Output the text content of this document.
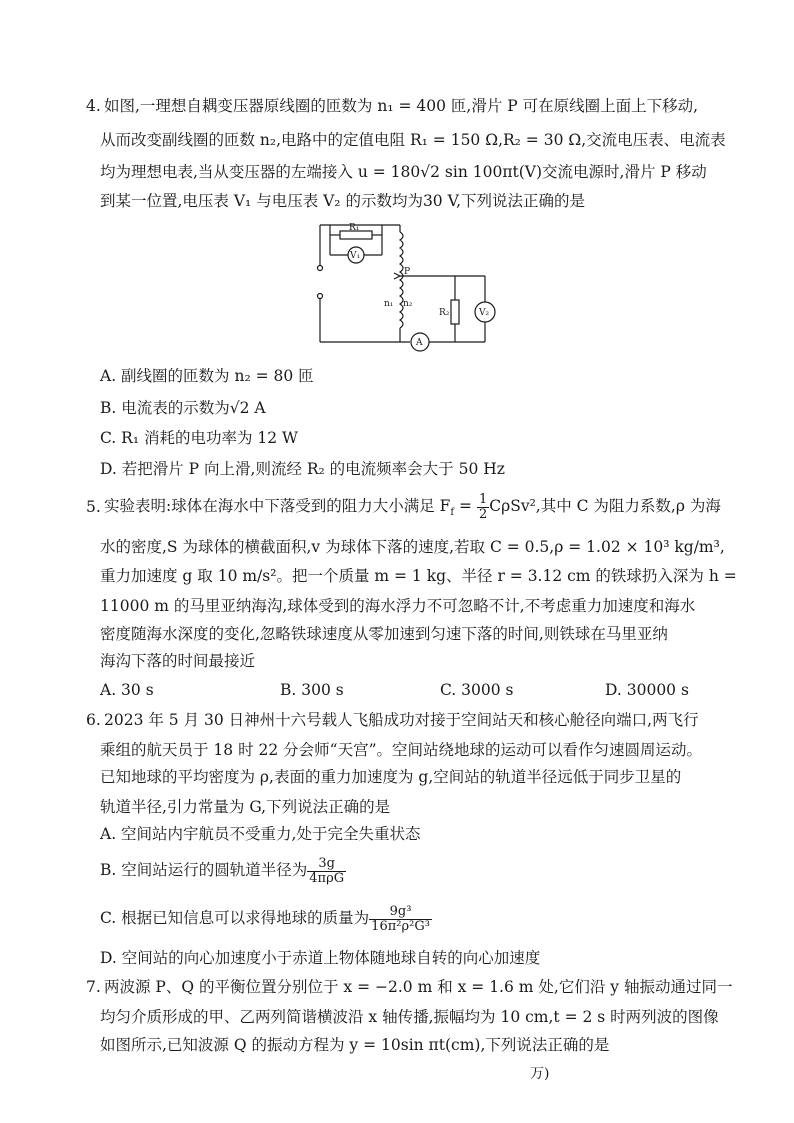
4. 如图,一理想自耦变压器原线圈的匝数为 n₁ = 400 匝,滑片 P 可在原线圈上面上下移动,
从而改变副线圈的匝数 n₂,电路中的定值电阻 R₁ = 150 Ω,R₂ = 30 Ω,交流电压表、电流表
均为理想电表,当从变压器的左端接入 u = 180√2 sin 100πt(V)交流电源时,滑片 P 移动
到某一位置,电压表 V₁ 与电压表 V₂ 的示数均为30 V,下列说法正确的是
R₁
V₁
P
n₁ n₂
R₂	V₂
A
A. 副线圈的匝数为 n₂ = 80 匝
B. 电流表的示数为√2 A
C. R₁ 消耗的电功率为 12 W
D. 若把滑片 P 向上滑,则流经 R₂ 的电流频率会大于 50 Hz
5. 实验表明:球体在海水中下落受到的阻力大小满足 $F_f = \frac{1}{2} C\rho Sv^2$,其中 C 为阻力系数,ρ 为海
水的密度,S 为球体的横截面积,v 为球体下落的速度,若取 C = 0.5,ρ = 1.02 × 10³ kg/m³,
重力加速度 g 取 10 m/s²。把一个质量 m = 1 kg、半径 r = 3.12 cm 的铁球扔入深为 h =
11000 m 的马里亚纳海沟,球体受到的海水浮力不可忽略不计,不考虑重力加速度和海水
密度随海水深度的变化,忽略铁球速度从零加速到匀速下落的时间,则铁球在马里亚纳
海沟下落的时间最接近
A. 30 s	B. 300 s	C. 3000 s	D. 30000 s
6. 2023 年 5 月 30 日神州十六号载人飞船成功对接于空间站天和核心舱径向端口,两飞行
乘组的航天员于 18 时 22 分会师“天宫”。空间站绕地球的运动可以看作匀速圆周运动。
已知地球的平均密度为 ρ,表面的重力加速度为 g,空间站的轨道半径远低于同步卫星的
轨道半径,引力常量为 G,下列说法正确的是
A. 空间站内宇航员不受重力,处于完全失重状态
B. 空间站运行的圆轨道半径为 $\frac{3g}{\text{4πρG}}$
C. 根据已知信息可以求得地球的质量为 $\frac{\text{9g³}}{\text{16π²ρ²G³}}$
D. 空间站的向心加速度小于赤道上物体随地球自转的向心加速度
7. 两波源 P、Q 的平衡位置分别位于 x = −2.0 m 和 x = 1.6 m 处,它们沿 y 轴振动通过同一
均匀介质形成的甲、乙两列简谐横波沿 x 轴传播,振幅均为 10 cm,t = 2 s 时两列波的图像
如图所示,已知波源 Q 的振动方程为 y = 10sin πt(cm),下列说法正确的是
万)
